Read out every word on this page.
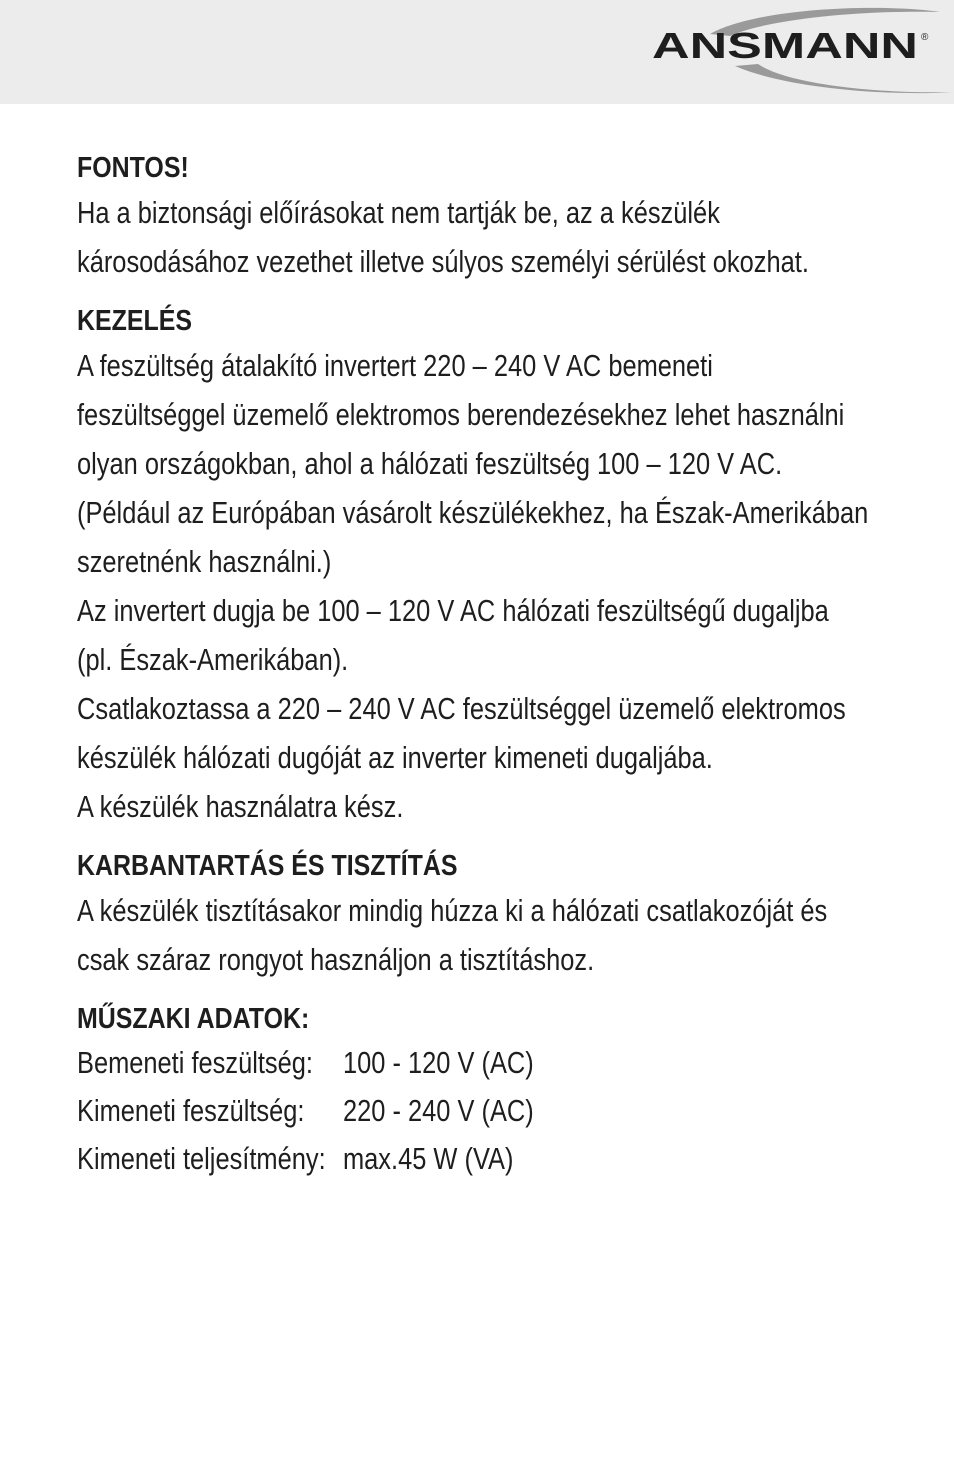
ANSMANN ®
FONTOS!
Ha a biztonsági előírásokat nem tartják be, az a készülék
károsodásához vezethet illetve súlyos személyi sérülést okozhat.
KEZELÉS
A feszültség átalakító invertert 220 – 240 V AC bemeneti
feszültséggel üzemelő elektromos berendezésekhez lehet használni
olyan országokban, ahol a hálózati feszültség 100 – 120 V AC.
(Például az Európában vásárolt készülékekhez, ha Észak-Amerikában
szeretnénk használni.)
Az invertert dugja be 100 – 120 V AC hálózati feszültségű dugaljba
(pl. Észak-Amerikában).
Csatlakoztassa a 220 – 240 V AC feszültséggel üzemelő elektromos
készülék hálózati dugóját az inverter kimeneti dugaljába.
A készülék használatra kész.
KARBANTARTÁS ÉS TISZTÍTÁS
A készülék tisztításakor mindig húzza ki a hálózati csatlakozóját és
csak száraz rongyot használjon a tisztításhoz.
MŰSZAKI ADATOK:
Bemeneti feszültség: 100 - 120 V (AC)
Kimeneti feszültség: 220 - 240 V (AC)
Kimeneti teljesítmény: max.45 W (VA)
